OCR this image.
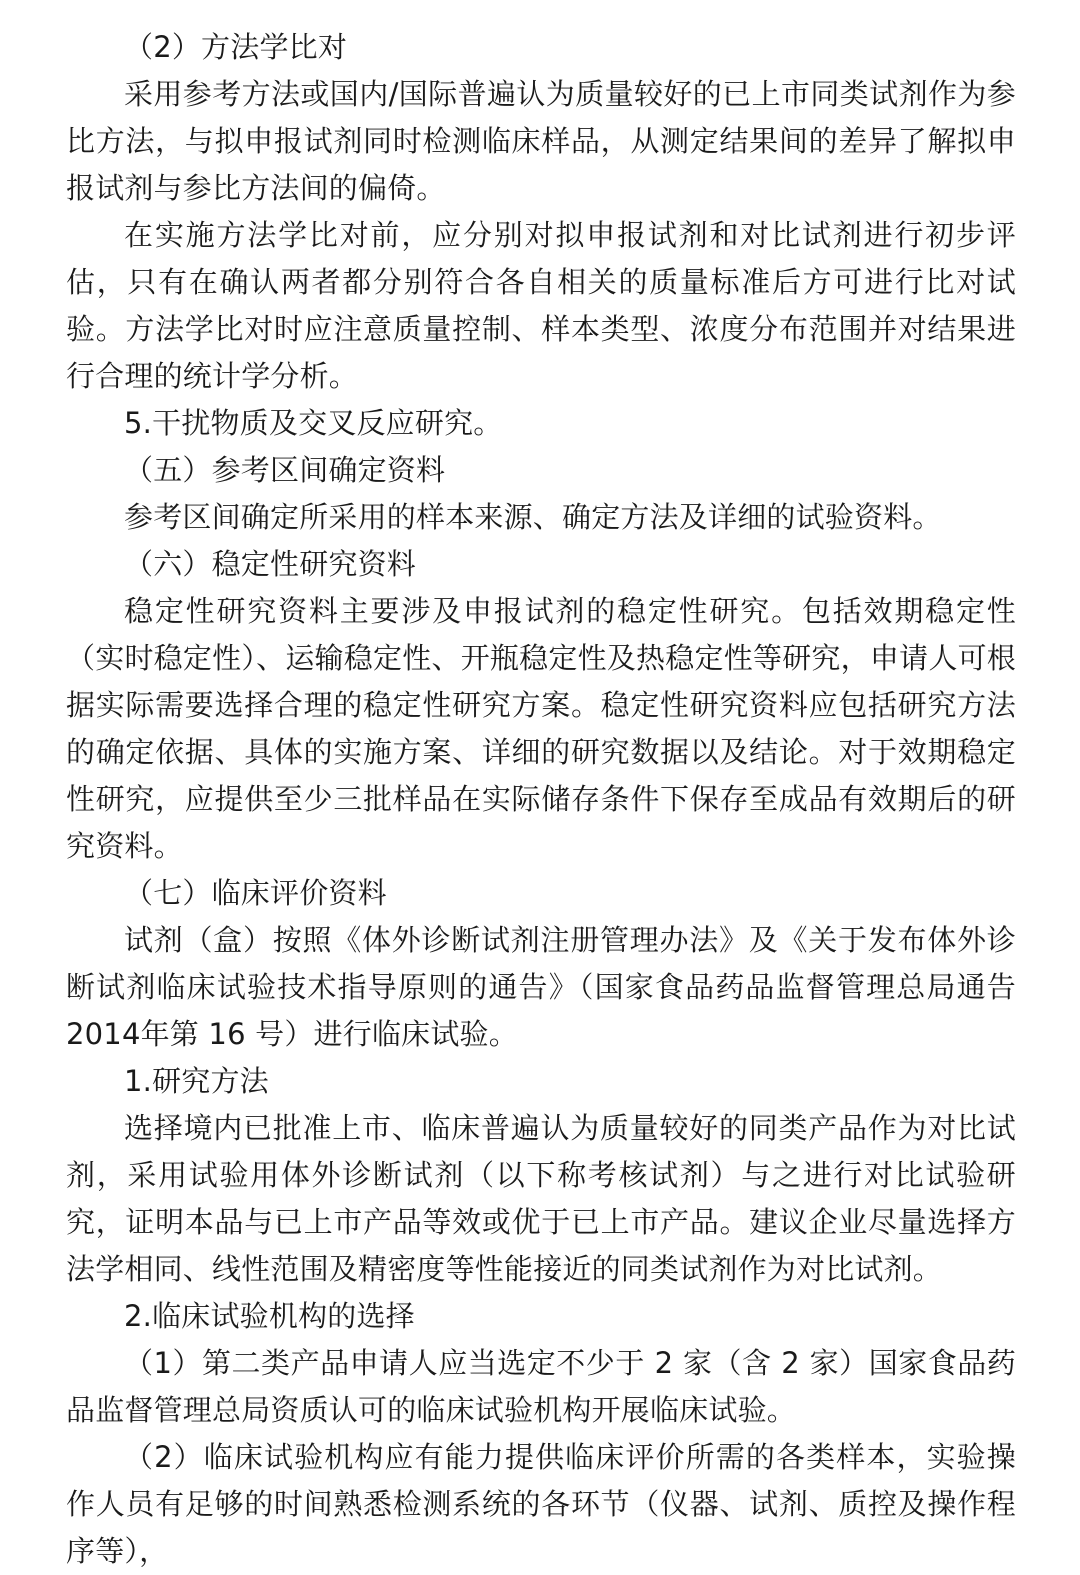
（2）方法学比对

采用参考方法或国内/国际普遍认为质量较好的已上市同类试剂作为参比方法，与拟申报试剂同时检测临床样品，从测定结果间的差异了解拟申报试剂与参比方法间的偏倚。

在实施方法学比对前，应分别对拟申报试剂和对比试剂进行初步评估，只有在确认两者都分别符合各自相关的质量标准后方可进行比对试验。方法学比对时应注意质量控制、样本类型、浓度分布范围并对结果进行合理的统计学分析。

5.干扰物质及交叉反应研究。

（五）参考区间确定资料

参考区间确定所采用的样本来源、确定方法及详细的试验资料。

（六）稳定性研究资料

稳定性研究资料主要涉及申报试剂的稳定性研究。包括效期稳定性（实时稳定性）、运输稳定性、开瓶稳定性及热稳定性等研究，申请人可根据实际需要选择合理的稳定性研究方案。稳定性研究资料应包括研究方法的确定依据、具体的实施方案、详细的研究数据以及结论。对于效期稳定性研究，应提供至少三批样品在实际储存条件下保存至成品有效期后的研究资料。

（七）临床评价资料

试剂（盒）按照《体外诊断试剂注册管理办法》及《关于发布体外诊断试剂临床试验技术指导原则的通告》（国家食品药品监督管理总局通告 2014年第 16 号）进行临床试验。

1.研究方法

选择境内已批准上市、临床普遍认为质量较好的同类产品作为对比试剂，采用试验用体外诊断试剂（以下称考核试剂）与之进行对比试验研究，证明本品与已上市产品等效或优于已上市产品。建议企业尽量选择方法学相同、线性范围及精密度等性能接近的同类试剂作为对比试剂。

2.临床试验机构的选择

（1）第二类产品申请人应当选定不少于 2 家（含 2 家）国家食品药品监督管理总局资质认可的临床试验机构开展临床试验。

（2）临床试验机构应有能力提供临床评价所需的各类样本，实验操作人员有足够的时间熟悉检测系统的各环节（仪器、试剂、质控及操作程序等），
